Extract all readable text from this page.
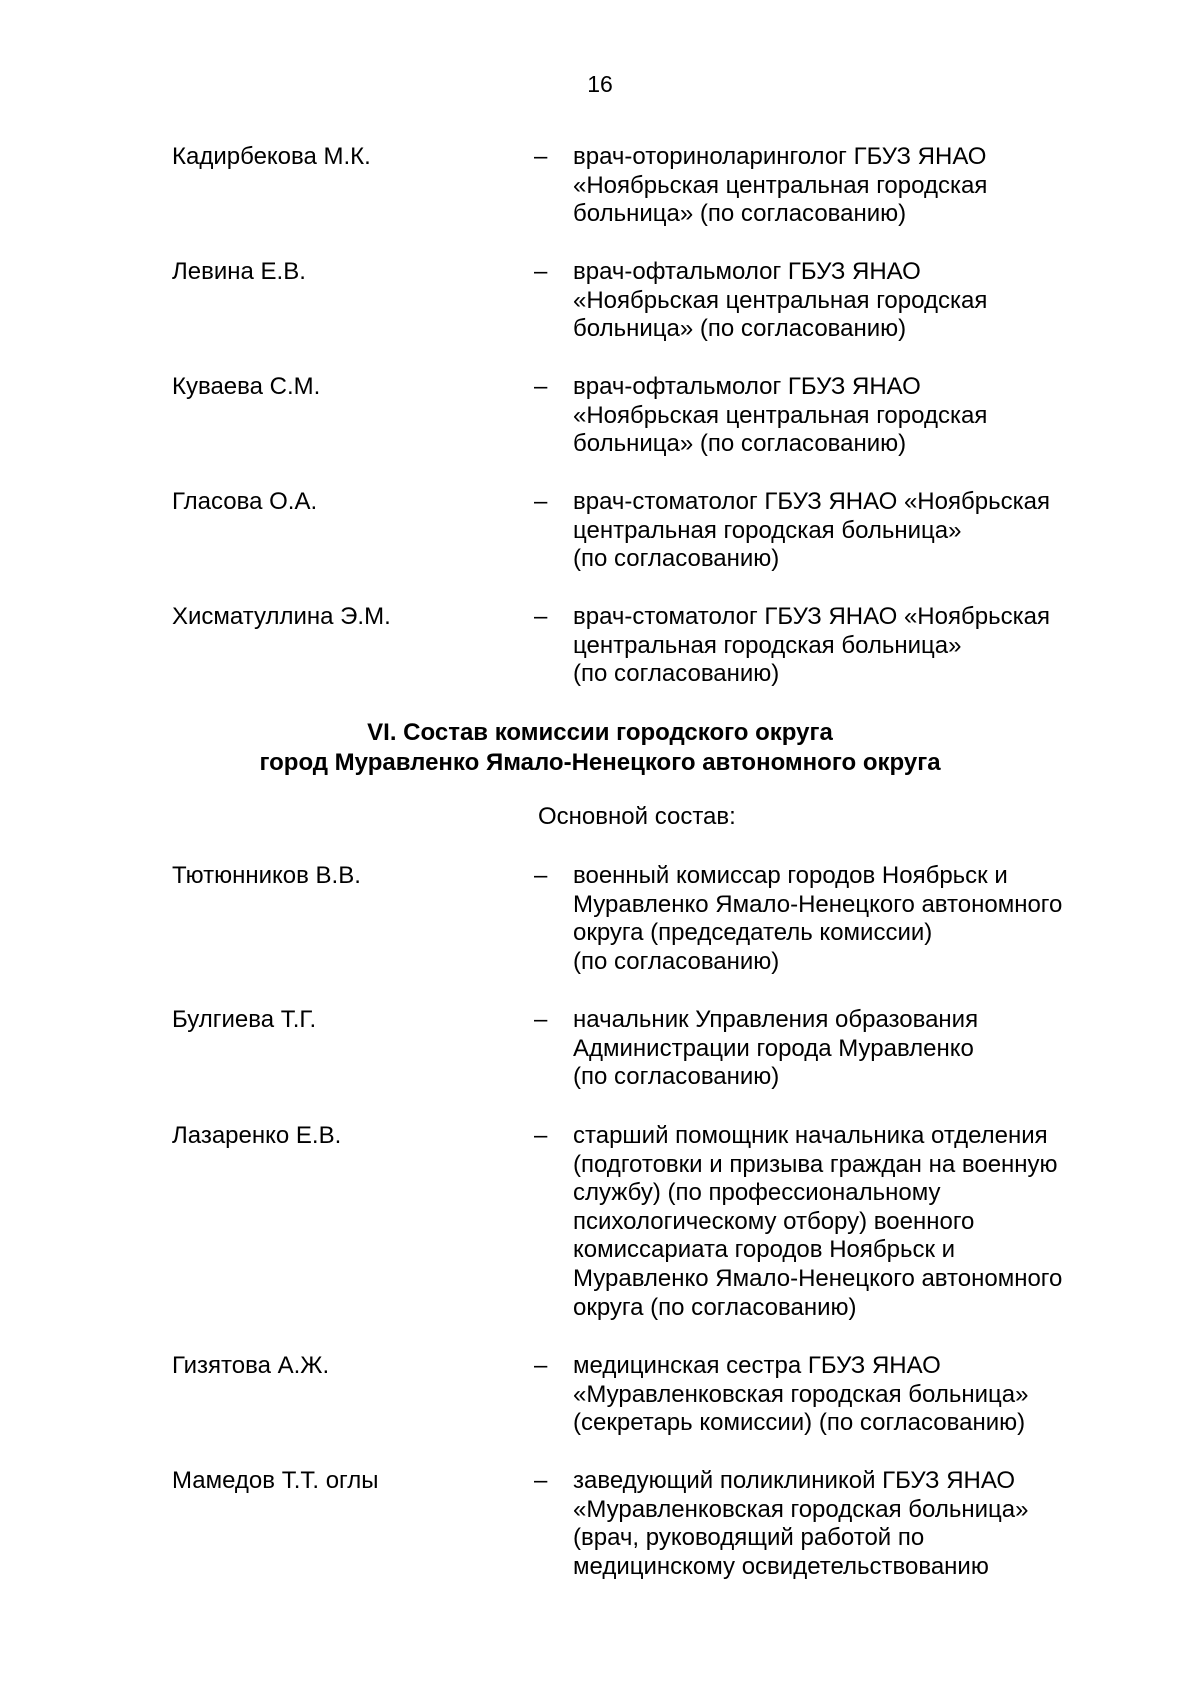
16
Кадирбекова М.К.	– врач-оториноларинголог ГБУЗ ЯНАО
«Ноябрьская центральная городская
больница» (по согласованию)
Левина Е.В.	– врач-офтальмолог ГБУЗ ЯНАО
«Ноябрьская центральная городская
больница» (по согласованию)
Куваева С.М.	– врач-офтальмолог ГБУЗ ЯНАО
«Ноябрьская центральная городская
больница» (по согласованию)
Гласова О.А.	– врач-стоматолог ГБУЗ ЯНАО «Ноябрьская
центральная городская больница»
(по согласованию)
Хисматуллина Э.М.	– врач-стоматолог ГБУЗ ЯНАО «Ноябрьская
центральная городская больница»
(по согласованию)
VI. Состав комиссии городского округа
город Муравленко Ямало-Ненецкого автономного округа
Основной состав:
Тютюнников В.В.	– военный комиссар городов Ноябрьск и
Муравленко Ямало-Ненецкого автономного
округа (председатель комиссии)
(по согласованию)
Булгиева Т.Г.	– начальник Управления образования
Администрации города Муравленко
(по согласованию)
Лазаренко Е.В.	– старший помощник начальника отделения
(подготовки и призыва граждан на военную
службу) (по профессиональному
психологическому отбору) военного
комиссариата городов Ноябрьск и
Муравленко Ямало-Ненецкого автономного
округа (по согласованию)
Гизятова А.Ж.	– медицинская сестра ГБУЗ ЯНАО
«Муравленковская городская больница»
(секретарь комиссии) (по согласованию)
Мамедов Т.Т. оглы	– заведующий поликлиникой ГБУЗ ЯНАО
«Муравленковская городская больница»
(врач, руководящий работой по
медицинскому освидетельствованию
